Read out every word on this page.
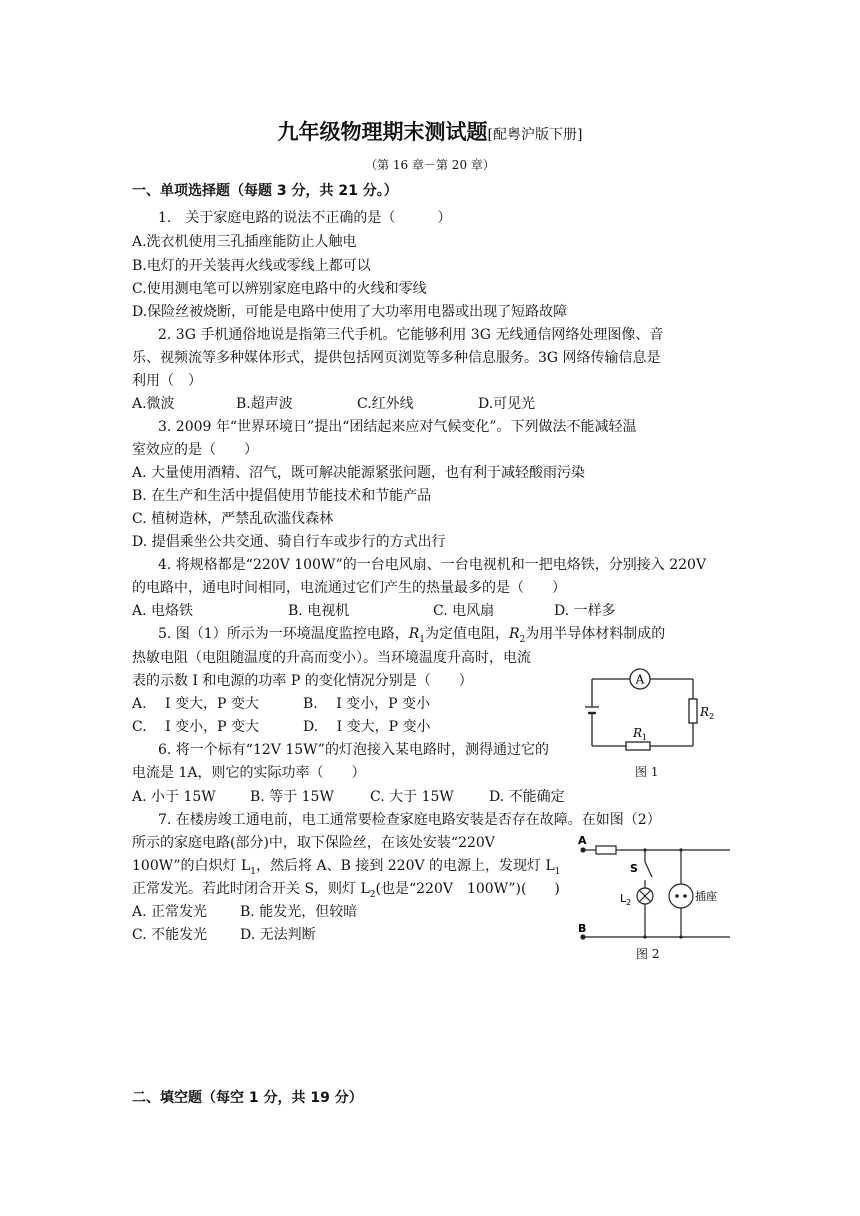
九年级物理期末测试题[配粤沪版下册]
（第 16 章－第 20 章）
一、单项选择题（每题 3 分，共 21 分。）
1.　关于家庭电路的说法不正确的是（　　　）
A.洗衣机使用三孔插座能防止人触电
B.电灯的开关装再火线或零线上都可以
C.使用测电笔可以辨别家庭电路中的火线和零线
D.保险丝被烧断，可能是电路中使用了大功率用电器或出现了短路故障
2. 3G 手机通俗地说是指第三代手机。它能够利用 3G 无线通信网络处理图像、音
乐、视频流等多种媒体形式，提供包括网页浏览等多种信息服务。3G 网络传输信息是
利用（　）
A.微波	B.超声波	C.红外线	D.可见光
3. 2009 年“世界环境日”提出“团结起来应对气候变化”。下列做法不能减轻温
室效应的是（　　）
A. 大量使用酒精、沼气，既可解决能源紧张问题，也有利于减轻酸雨污染
B. 在生产和生活中提倡使用节能技术和节能产品
C. 植树造林，严禁乱砍滥伐森林
D. 提倡乘坐公共交通、骑自行车或步行的方式出行
4. 将规格都是“220V 100W”的一台电风扇、一台电视机和一把电烙铁，分别接入 220V
的电路中，通电时间相同，电流通过它们产生的热量最多的是（　　）
A. 电烙铁	B. 电视机	C. 电风扇	D. 一样多
5. 图（1）所示为一环境温度监控电路，$R_1$为定值电阻，$R_2$为用半导体材料制成的
热敏电阻（电阻随温度的升高而变小）。当环境温度升高时，电流
表的示数 I 和电源的功率 P 的变化情况分别是（　　）
A.　 I 变大，P 变大	B.　 I 变小，P 变小
C.　 I 变小，P 变大	D.　 I 变大，P 变小
6. 将一个标有“12V 15W”的灯泡接入某电路时，测得通过它的
电流是 1A，则它的实际功率（　　）
A. 小于 15W B. 等于 15W	C. 大于 15W	D. 不能确定
7. 在楼房竣工通电前，电工通常要检查家庭电路安装是否存在故障。在如图（2）
所示的家庭电路(部分)中，取下保险丝，在该处安装“220V
100W”的白炽灯 $L_1$，然后将 A、B 接到 220V 的电源上，发现灯 $L_1$
正常发光。若此时闭合开关 S，则灯 $L_2$(也是“220V　100W”)(　　)
A. 正常发光 B. 能发光，但较暗
C. 不能发光 D. 无法判断
A
$R_2$
$R_1$
图 1
A
B
S
$L_2$	插座
图 2
二、填空题（每空 1 分，共 19 分）
